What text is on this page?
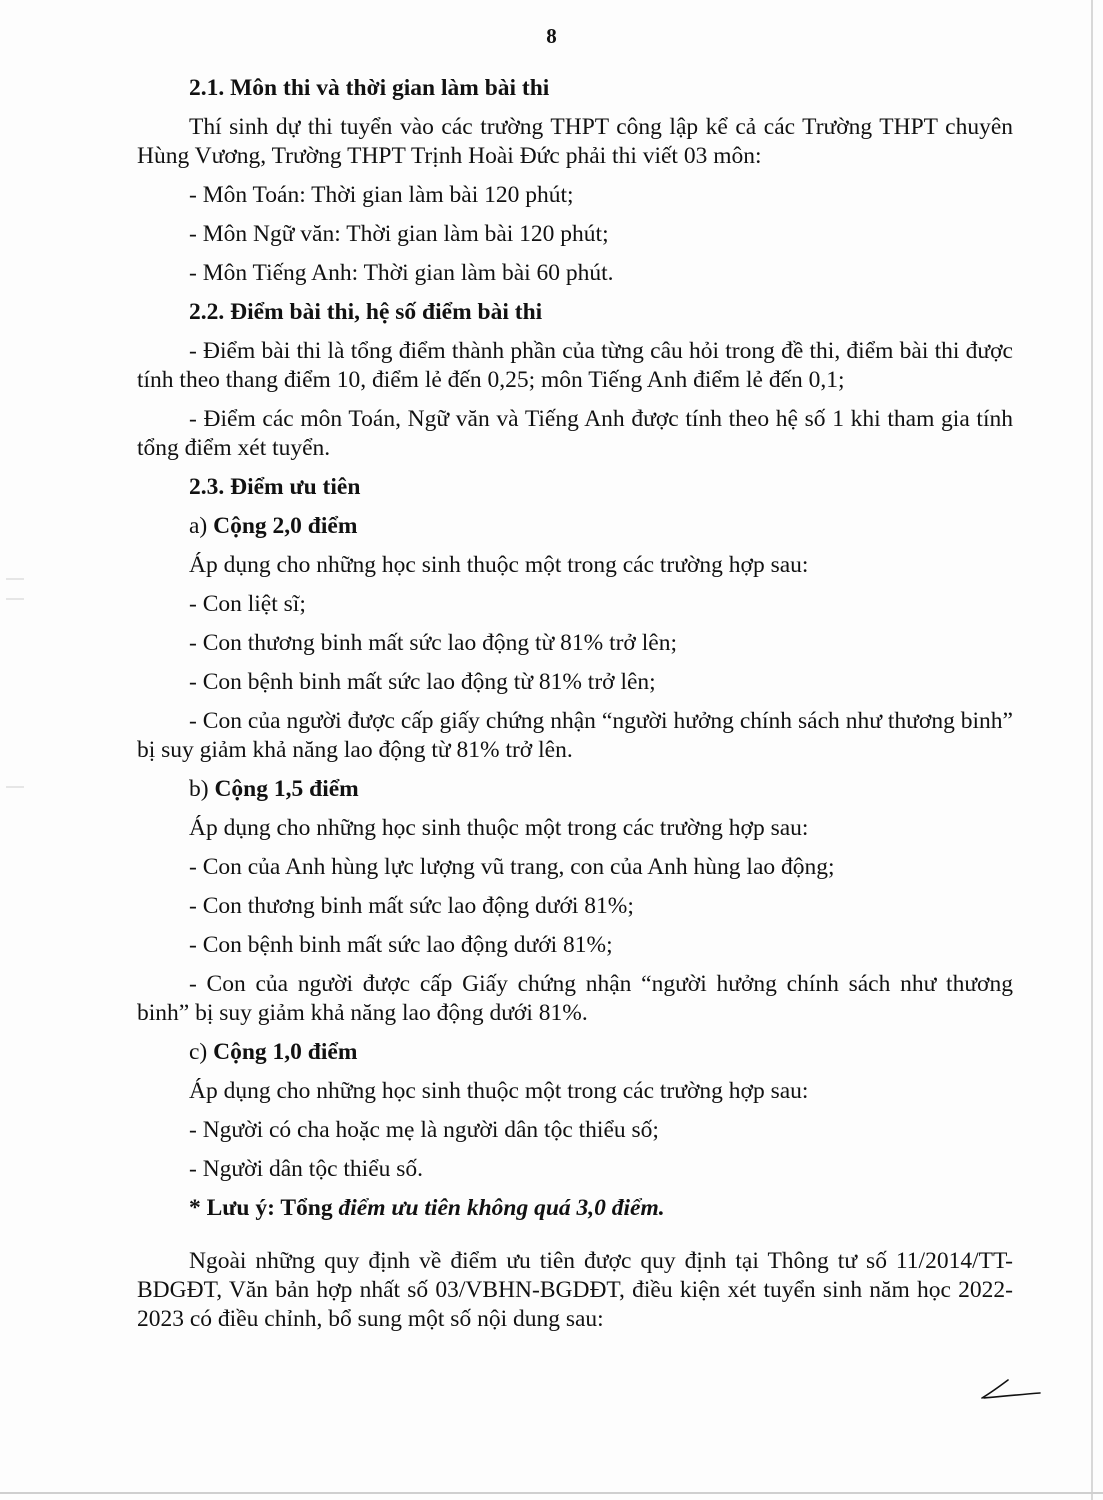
8

2.1. Môn thi và thời gian làm bài thi

Thí sinh dự thi tuyển vào các trường THPT công lập kể cả các Trường THPT chuyên Hùng Vương, Trường THPT Trịnh Hoài Đức phải thi viết 03 môn:

- Môn Toán: Thời gian làm bài 120 phút;

- Môn Ngữ văn: Thời gian làm bài 120 phút;

- Môn Tiếng Anh: Thời gian làm bài 60 phút.

2.2. Điểm bài thi, hệ số điểm bài thi

- Điểm bài thi là tổng điểm thành phần của từng câu hỏi trong đề thi, điểm bài thi được tính theo thang điểm 10, điểm lẻ đến 0,25; môn Tiếng Anh điểm lẻ đến 0,1;

- Điểm các môn Toán, Ngữ văn và Tiếng Anh được tính theo hệ số 1 khi tham gia tính tổng điểm xét tuyển.

2.3. Điểm ưu tiên

a) Cộng 2,0 điểm

Áp dụng cho những học sinh thuộc một trong các trường hợp sau:

- Con liệt sĩ;

- Con thương binh mất sức lao động từ 81% trở lên;

- Con bệnh binh mất sức lao động từ 81% trở lên;

- Con của người được cấp giấy chứng nhận “người hưởng chính sách như thương binh” bị suy giảm khả năng lao động từ 81% trở lên.

b) Cộng 1,5 điểm

Áp dụng cho những học sinh thuộc một trong các trường hợp sau:

- Con của Anh hùng lực lượng vũ trang, con của Anh hùng lao động;

- Con thương binh mất sức lao động dưới 81%;

- Con bệnh binh mất sức lao động dưới 81%;

- Con của người được cấp Giấy chứng nhận “người hưởng chính sách như thương binh” bị suy giảm khả năng lao động dưới 81%.

c) Cộng 1,0 điểm

Áp dụng cho những học sinh thuộc một trong các trường hợp sau:

- Người có cha hoặc mẹ là người dân tộc thiểu số;

- Người dân tộc thiểu số.

* Lưu ý: Tổng điểm ưu tiên không quá 3,0 điểm.

Ngoài những quy định về điểm ưu tiên được quy định tại Thông tư số 11/2014/TT-BDGĐT, Văn bản hợp nhất số 03/VBHN-BGDĐT, điều kiện xét tuyển sinh năm học 2022-2023 có điều chỉnh, bổ sung một số nội dung sau:
